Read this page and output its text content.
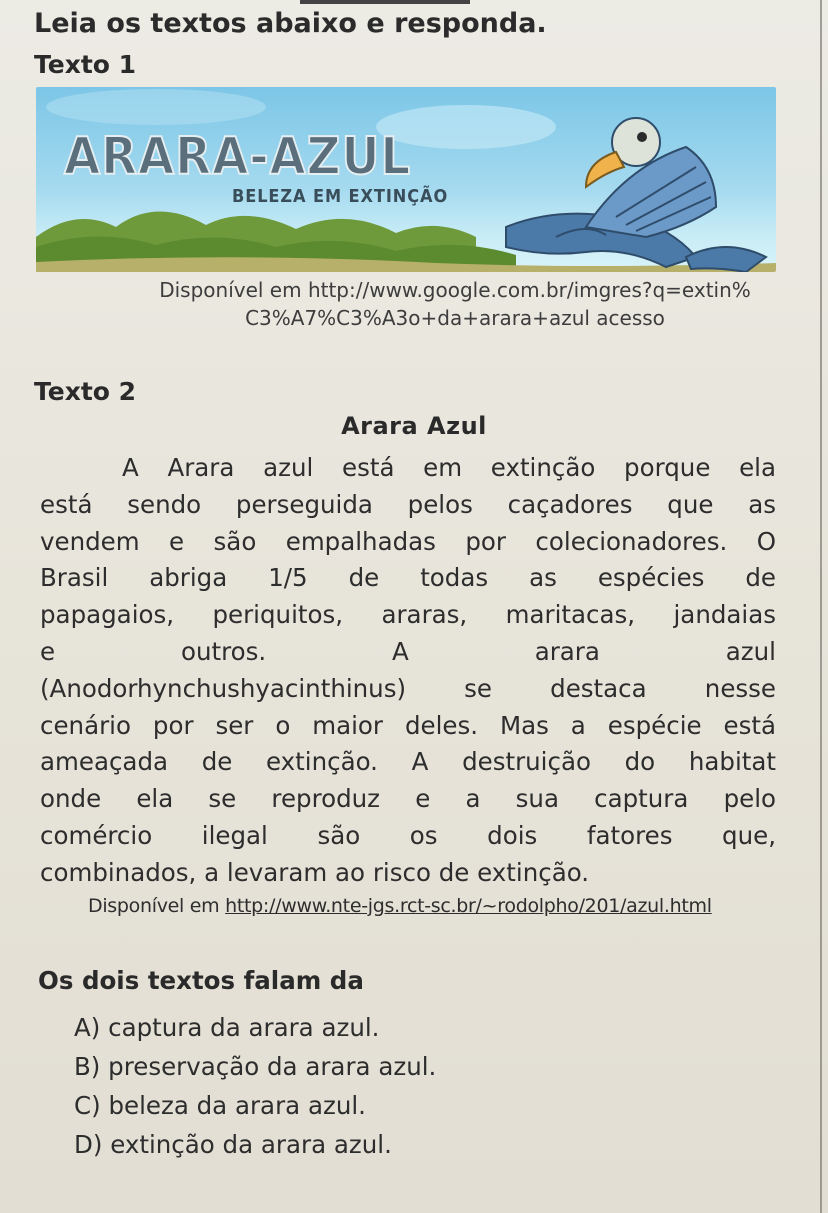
Leia os textos abaixo e responda.
Texto 1
ARARA-AZUL
BELEZA EM EXTINÇÃO
Disponível em http://www.google.com.br/imgres?q=extin%
C3%A7%C3%A3o+da+arara+azul acesso
Texto 2
Arara Azul
A Arara azul está em extinção porque ela
está sendo perseguida pelos caçadores que as
vendem e são empalhadas por colecionadores. O
Brasil abriga 1/5 de todas as espécies de
papagaios, periquitos, araras, maritacas, jandaias
e outros. A arara azul
(Anodorhynchushyacinthinus) se destaca nesse
cenário por ser o maior deles. Mas a espécie está
ameaçada de extinção. A destruição do habitat
onde ela se reproduz e a sua captura pelo
comércio ilegal são os dois fatores que,
combinados, a levaram ao risco de extinção.
Disponível em http://www.nte-jgs.rct-sc.br/~rodolpho/201/azul.html
Os dois textos falam da
A) captura da arara azul.
B) preservação da arara azul.
C) beleza da arara azul.
D) extinção da arara azul.
